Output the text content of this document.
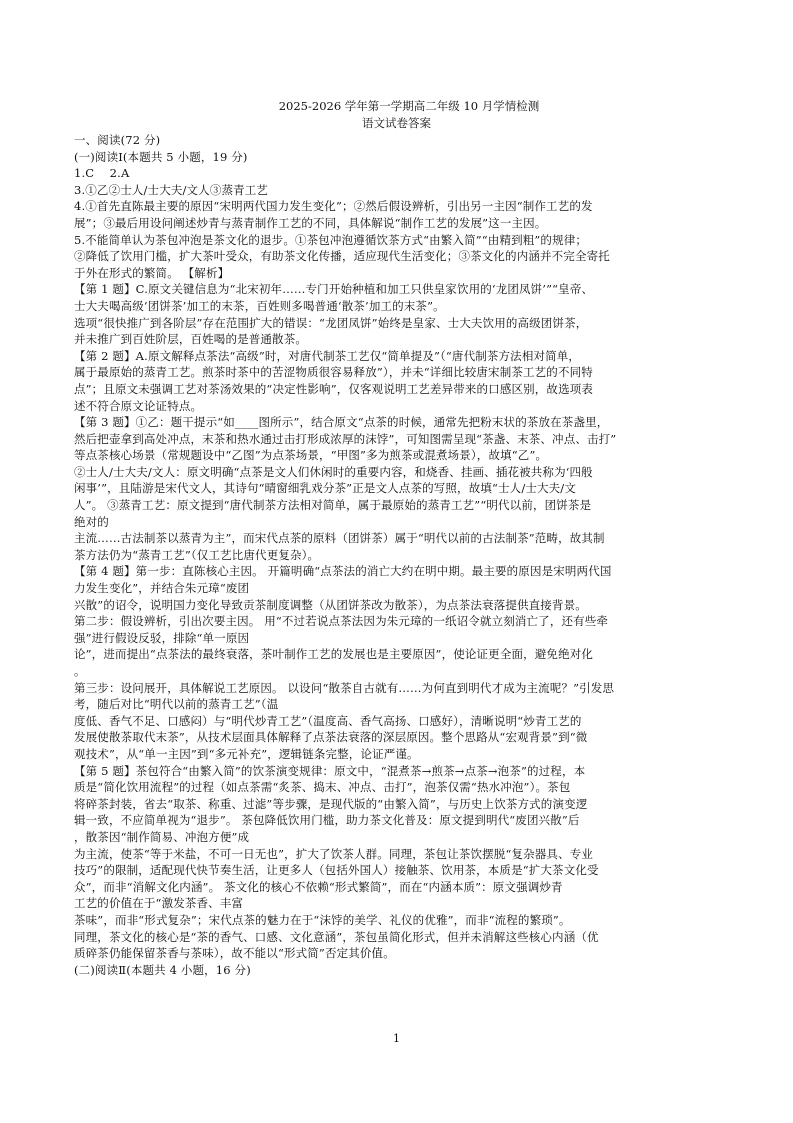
2025-2026 学年第一学期高二年级 10 月学情检测
语文试卷答案

一、阅读(72 分)

(一)阅读Ⅰ(本题共 5 小题，19 分)

1.C　 2.A

3.①乙②士人/士大夫/文人③蒸青工艺

4.①首先直陈最主要的原因“宋明两代国力发生变化”；②然后假设辨析，引出另一主因“制作工艺的发

展”；③最后用设问阐述炒青与蒸青制作工艺的不同，具体解说“制作工艺的发展”这一主因。

5.不能简单认为茶包冲泡是茶文化的退步。①茶包冲泡遵循饮茶方式“由繁入简”“由精到粗”的规律；

②降低了饮用门槛，扩大茶叶受众，有助茶文化传播，适应现代生活变化；③茶文化的内涵并不完全寄托

于外在形式的繁简。 【解析】

【第 1 题】C.原文关键信息为“北宋初年……专门开始种植和加工只供皇家饮用的‘龙团凤饼’”“皇帝、

士大夫喝高级‘团饼茶’加工的末茶，百姓则多喝普通‘散茶’加工的末茶”。

选项“很快推广到各阶层”存在范围扩大的错误：“龙团凤饼”始终是皇家、士大夫饮用的高级团饼茶，

并未推广到百姓阶层，百姓喝的是普通散茶。

【第 2 题】A.原文解释点茶法“高级”时，对唐代制茶工艺仅“简单提及”（“唐代制茶方法相对简单，

属于最原始的蒸青工艺。煎茶时茶中的苦涩物质很容易释放”），并未“详细比较唐宋制茶工艺的不同特

点”；且原文未强调工艺对茶汤效果的“决定性影响”，仅客观说明工艺差异带来的口感区别，故选项表

述不符合原文论证特点。

【第 3 题】①乙：题干提示“如____图所示”，结合原文“点茶的时候，通常先把粉末状的茶放在茶盏里，

然后把壶拿到高处冲点，末茶和热水通过击打形成浓厚的沫饽”，可知图需呈现“茶盏、末茶、冲点、击打”

等点茶核心场景（常规题设中“乙图”为点茶场景，“甲图”多为煎茶或混煮场景），故填“乙”。

②士人/士大夫/文人：原文明确“点茶是文人们休闲时的重要内容，和烧香、挂画、插花被共称为‘四般

闲事’”，且陆游是宋代文人，其诗句“晴窗细乳戏分茶”正是文人点茶的写照，故填“士人/士大夫/文

人”。 ③蒸青工艺：原文提到“唐代制茶方法相对简单，属于最原始的蒸青工艺”“明代以前，团饼茶是

绝对的

主流……古法制茶以蒸青为主”，而宋代点茶的原料（团饼茶）属于“明代以前的古法制茶”范畴，故其制

茶方法仍为“蒸青工艺”（仅工艺比唐代更复杂）。

【第 4 题】第一步：直陈核心主因。 开篇明确“点茶法的消亡大约在明中期。最主要的原因是宋明两代国

力发生变化”，并结合朱元璋“废团

兴散”的诏令，说明国力变化导致贡茶制度调整（从团饼茶改为散茶），为点茶法衰落提供直接背景。

第二步：假设辨析，引出次要主因。 用“不过若说点茶法因为朱元璋的一纸诏令就立刻消亡了，还有些牵

强”进行假设反驳，排除“单一原因

论”，进而提出“点茶法的最终衰落，茶叶制作工艺的发展也是主要原因”，使论证更全面，避免绝对化

。

第三步：设问展开，具体解说工艺原因。 以设问“散茶自古就有……为何直到明代才成为主流呢？”引发思

考，随后对比“明代以前的蒸青工艺”（温

度低、香气不足、口感闷）与“明代炒青工艺”（温度高、香气高扬、口感好），清晰说明“炒青工艺的

发展使散茶取代末茶”，从技术层面具体解释了点茶法衰落的深层原因。整个思路从“宏观背景”到“微

观技术”，从“单一主因”到“多元补充”，逻辑链条完整，论证严谨。

【第 5 题】茶包符合“由繁入简”的饮茶演变规律：原文中，“混煮茶→煎茶→点茶→泡茶”的过程，本

质是“简化饮用流程”的过程（如点茶需“炙茶、捣末、冲点、击打”，泡茶仅需“热水冲泡”）。茶包

将碎茶封装，省去“取茶、称重、过滤”等步骤，是现代版的“由繁入简”，与历史上饮茶方式的演变逻

辑一致，不应简单视为“退步”。 茶包降低饮用门槛，助力茶文化普及：原文提到明代“废团兴散”后

，散茶因“制作简易、冲泡方便”成

为主流，使茶“等于米盐，不可一日无也”，扩大了饮茶人群。同理，茶包让茶饮摆脱“复杂器具、专业

技巧”的限制，适配现代快节奏生活，让更多人（包括外国人）接触茶、饮用茶，本质是“扩大茶文化受

众”，而非“消解文化内涵”。 茶文化的核心不依赖“形式繁简”，而在“内涵本质”：原文强调炒青

工艺的价值在于“激发茶香、丰富

茶味”，而非“形式复杂”；宋代点茶的魅力在于“沫饽的美学、礼仪的优雅”，而非“流程的繁琐”。

同理，茶文化的核心是“茶的香气、口感、文化意涵”，茶包虽简化形式，但并未消解这些核心内涵（优

质碎茶仍能保留茶香与茶味），故不能以“形式简”否定其价值。

(二)阅读Ⅱ(本题共 4 小题，16 分)

1
